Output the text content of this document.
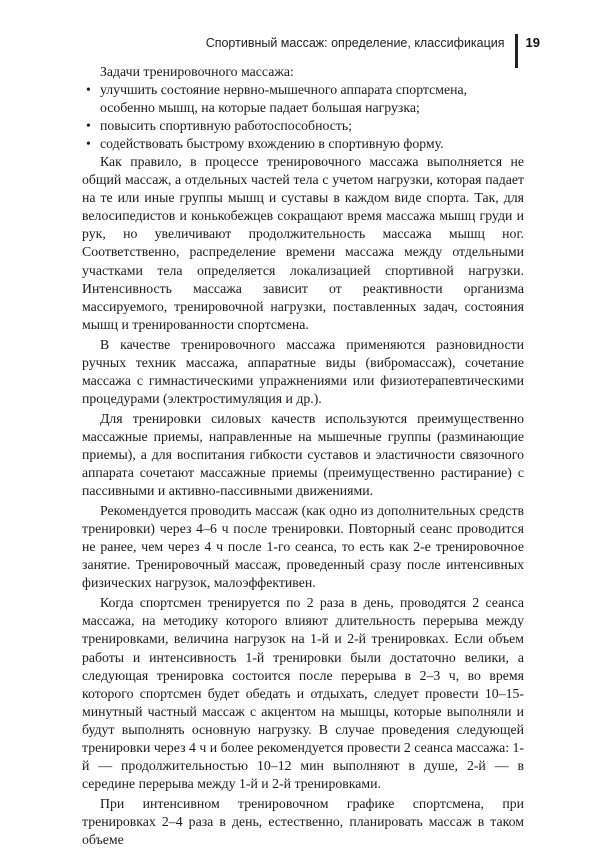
Спортивный массаж: определение, классификация 19

Задачи тренировочного массажа:

• улучшить состояние нервно-мышечного аппарата спортсмена, особенно мышц, на которые падает большая нагрузка;
• повысить спортивную работоспособность;
• содействовать быстрому вхождению в спортивную форму.

Как правило, в процессе тренировочного массажа выполняется не общий массаж, а отдельных частей тела с учетом нагрузки, которая падает на те или иные группы мышц и суставы в каждом виде спорта. Так, для велосипедистов и конькобежцев сокращают время массажа мышц груди и рук, но увеличивают продолжительность массажа мышц ног. Соответственно, распределение времени массажа между отдельными участками тела определяется локализацией спортивной нагрузки. Интенсивность массажа зависит от реактивности организма массируемого, тренировочной нагрузки, поставленных задач, состояния мышц и тренированности спортсмена.

В качестве тренировочного массажа применяются разновидности ручных техник массажа, аппаратные виды (вибромассаж), сочетание массажа с гимнастическими упражнениями или физиотерапевтическими процедурами (электростимуляция и др.).

Для тренировки силовых качеств используются преимущественно массажные приемы, направленные на мышечные группы (разминающие приемы), а для воспитания гибкости суставов и эластичности связочного аппарата сочетают массажные приемы (преимущественно растирание) с пассивными и активно-пассивными движениями.

Рекомендуется проводить массаж (как одно из дополнительных средств тренировки) через 4–6 ч после тренировки. Повторный сеанс проводится не ранее, чем через 4 ч после 1-го сеанса, то есть как 2-е тренировочное занятие. Тренировочный массаж, проведенный сразу после интенсивных физических нагрузок, малоэффективен.

Когда спортсмен тренируется по 2 раза в день, проводятся 2 сеанса массажа, на методику которого влияют длительность перерыва между тренировками, величина нагрузок на 1-й и 2-й тренировках. Если объем работы и интенсивность 1-й тренировки были достаточно велики, а следующая тренировка состоится после перерыва в 2–3 ч, во время которого спортсмен будет обедать и отдыхать, следует провести 10–15-минутный частный массаж с акцентом на мышцы, которые выполняли и будут выполнять основную нагрузку. В случае проведения следующей тренировки через 4 ч и более рекомендуется провести 2 сеанса массажа: 1-й — продолжительностью 10–12 мин выполняют в душе, 2-й — в середине перерыва между 1-й и 2-й тренировками.

При интенсивном тренировочном графике спортсмена, при тренировках 2–4 раза в день, естественно, планировать массаж в таком объеме
